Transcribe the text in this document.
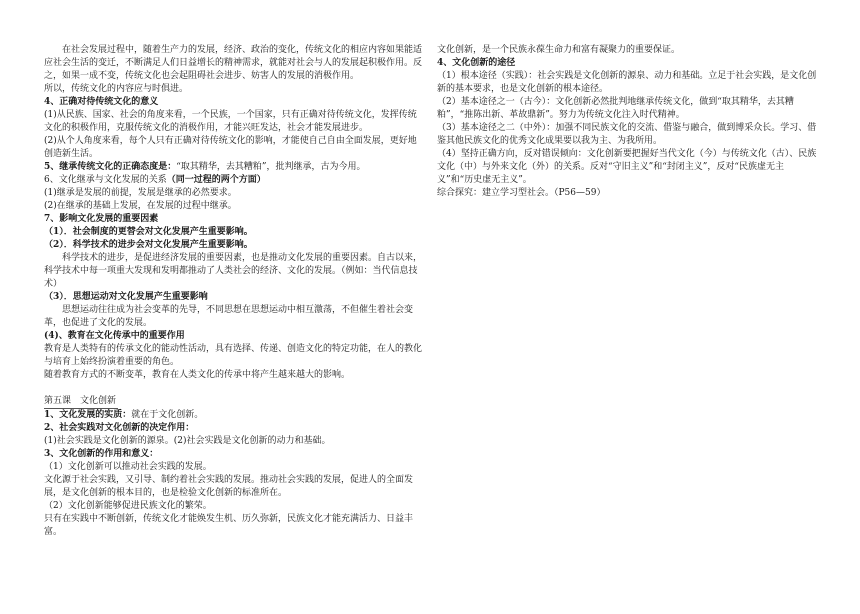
在社会发展过程中，随着生产力的发展，经济、政治的变化，传统文化的相应内容如果能适应社会生活的变迁，不断满足人们日益增长的精神需求，就能对社会与人的发展起积极作用。反之，如果一成不变，传统文化也会起阻碍社会进步、妨害人的发展的消极作用。

所以，传统文化的内容应与时俱进。

4、正确对待传统文化的意义

(1)从民族、国家、社会的角度来看，一个民族，一个国家，只有正确对待传统文化，发挥传统文化的积极作用，克服传统文化的消极作用，才能兴旺发达，社会才能发展进步。

(2)从个人角度来看，每个人只有正确对待传统文化的影响，才能使自己自由全面发展，更好地创造新生活。

5、继承传统文化的正确态度是：“取其精华，去其糟粕”，批判继承，古为今用。

6、文化继承与文化发展的关系（同一过程的两个方面）

(1)继承是发展的前提，发展是继承的必然要求。

(2)在继承的基础上发展，在发展的过程中继承。

7、影响文化发展的重要因素

（1）．社会制度的更替会对文化发展产生重要影响。

（2）．科学技术的进步会对文化发展产生重要影响。

科学技术的进步，是促进经济发展的重要因素，也是推动文化发展的重要因素。自古以来，科学技术中每一项重大发现和发明都推动了人类社会的经济、文化的发展。（例如：当代信息技术）

（3）．思想运动对文化发展产生重要影响

思想运动往往成为社会变革的先导，不同思想在思想运动中相互激荡，不但催生着社会变革，也促进了文化的发展。

(4)、教育在文化传承中的重要作用

教育是人类特有的传承文化的能动性活动，具有选择、传递、创造文化的特定功能，在人的教化与培育上始终扮演着重要的角色。

随着教育方式的不断变革，教育在人类文化的传承中将产生越来越大的影响。

第五课　文化创新

1、文化发展的实质：就在于文化创新。

2、社会实践对文化创新的决定作用：

(1)社会实践是文化创新的源泉。(2)社会实践是文化创新的动力和基础。

3、文化创新的作用和意义：

（1）文化创新可以推动社会实践的发展。

文化源于社会实践，又引导、制约着社会实践的发展。推动社会实践的发展，促进人的全面发展，是文化创新的根本目的，也是检验文化创新的标准所在。

（2）文化创新能够促进民族文化的繁荣。

只有在实践中不断创新，传统文化才能焕发生机、历久弥新，民族文化才能充满活力、日益丰富。

文化创新，是一个民族永葆生命力和富有凝聚力的重要保证。

4、文化创新的途径

（1）根本途径（实践）：社会实践是文化创新的源泉、动力和基础。立足于社会实践，是文化创新的基本要求，也是文化创新的根本途径。

（2）基本途径之一（古今）：文化创新必然批判地继承传统文化，做到“取其精华，去其糟粕”，“推陈出新、革故鼎新”。努力为传统文化注入时代精神。

（3）基本途径之二（中外）：加强不同民族文化的交流、借鉴与融合，做到博采众长。学习、借鉴其他民族文化的优秀文化成果要以我为主、为我所用。

（4）坚持正确方向，反对错误倾向：文化创新要把握好当代文化（今）与传统文化（古）、民族文化（中）与外来文化（外）的关系。反对“守旧主义”和“封闭主义”，反对“民族虚无主义”和“历史虚无主义”。

综合探究：建立学习型社会。（P56—59）
